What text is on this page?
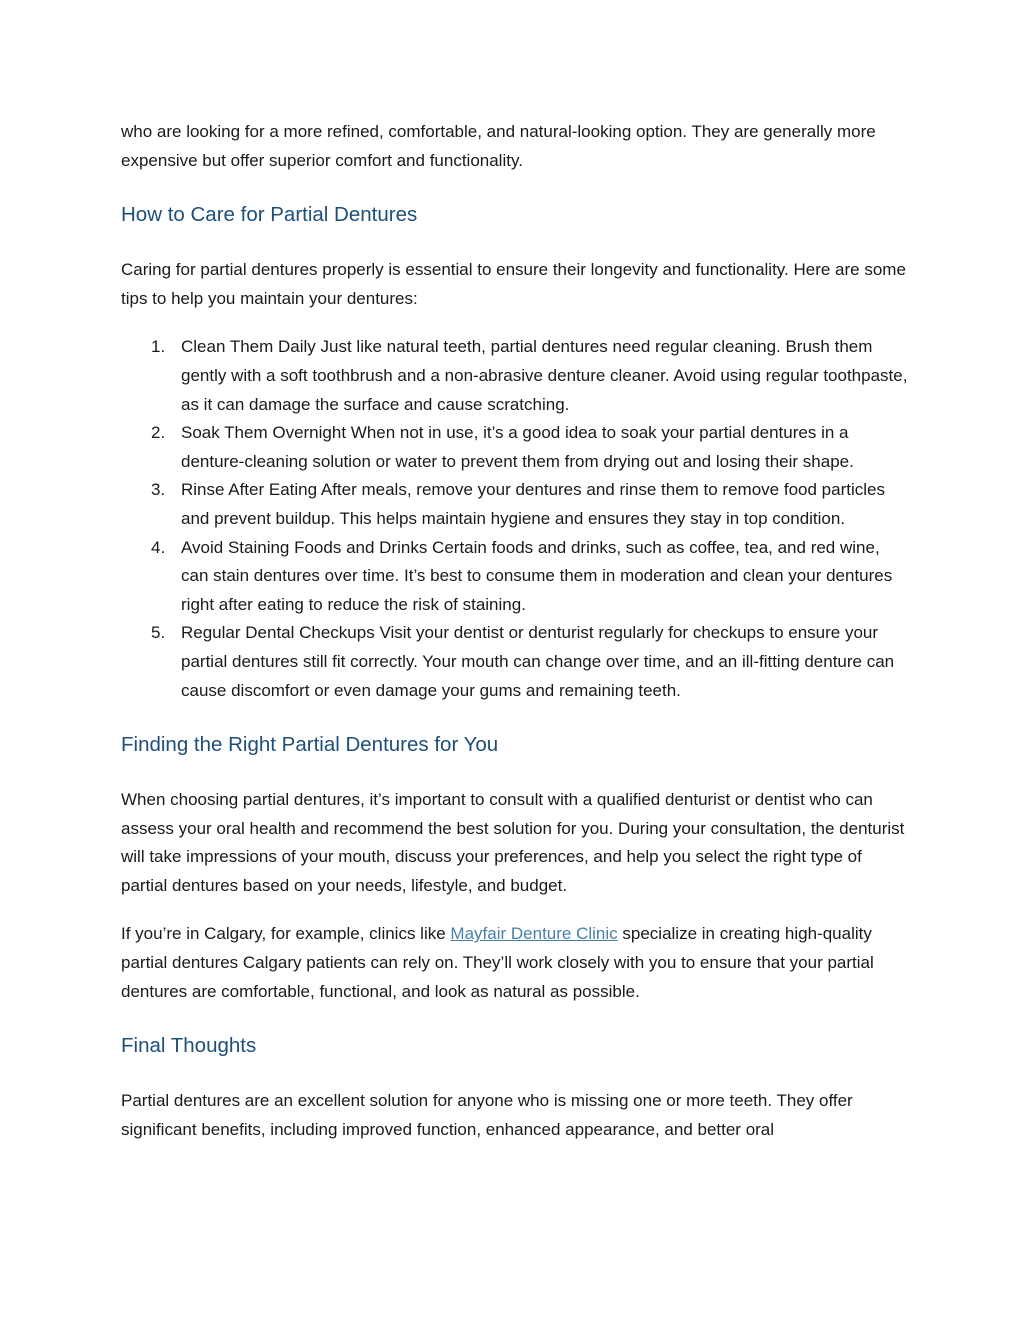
who are looking for a more refined, comfortable, and natural-looking option. They are generally more expensive but offer superior comfort and functionality.

How to Care for Partial Dentures

Caring for partial dentures properly is essential to ensure their longevity and functionality. Here are some tips to help you maintain your dentures:

1. Clean Them Daily Just like natural teeth, partial dentures need regular cleaning. Brush them gently with a soft toothbrush and a non-abrasive denture cleaner. Avoid using regular toothpaste, as it can damage the surface and cause scratching.
2. Soak Them Overnight When not in use, it’s a good idea to soak your partial dentures in a denture-cleaning solution or water to prevent them from drying out and losing their shape.
3. Rinse After Eating After meals, remove your dentures and rinse them to remove food particles and prevent buildup. This helps maintain hygiene and ensures they stay in top condition.
4. Avoid Staining Foods and Drinks Certain foods and drinks, such as coffee, tea, and red wine, can stain dentures over time. It’s best to consume them in moderation and clean your dentures right after eating to reduce the risk of staining.
5. Regular Dental Checkups Visit your dentist or denturist regularly for checkups to ensure your partial dentures still fit correctly. Your mouth can change over time, and an ill-fitting denture can cause discomfort or even damage your gums and remaining teeth.
Finding the Right Partial Dentures for You

When choosing partial dentures, it’s important to consult with a qualified denturist or dentist who can assess your oral health and recommend the best solution for you. During your consultation, the denturist will take impressions of your mouth, discuss your preferences, and help you select the right type of partial dentures based on your needs, lifestyle, and budget.

If you’re in Calgary, for example, clinics like Mayfair Denture Clinic specialize in creating high-quality partial dentures Calgary patients can rely on. They’ll work closely with you to ensure that your partial dentures are comfortable, functional, and look as natural as possible.

Final Thoughts

Partial dentures are an excellent solution for anyone who is missing one or more teeth. They offer significant benefits, including improved function, enhanced appearance, and better oral
